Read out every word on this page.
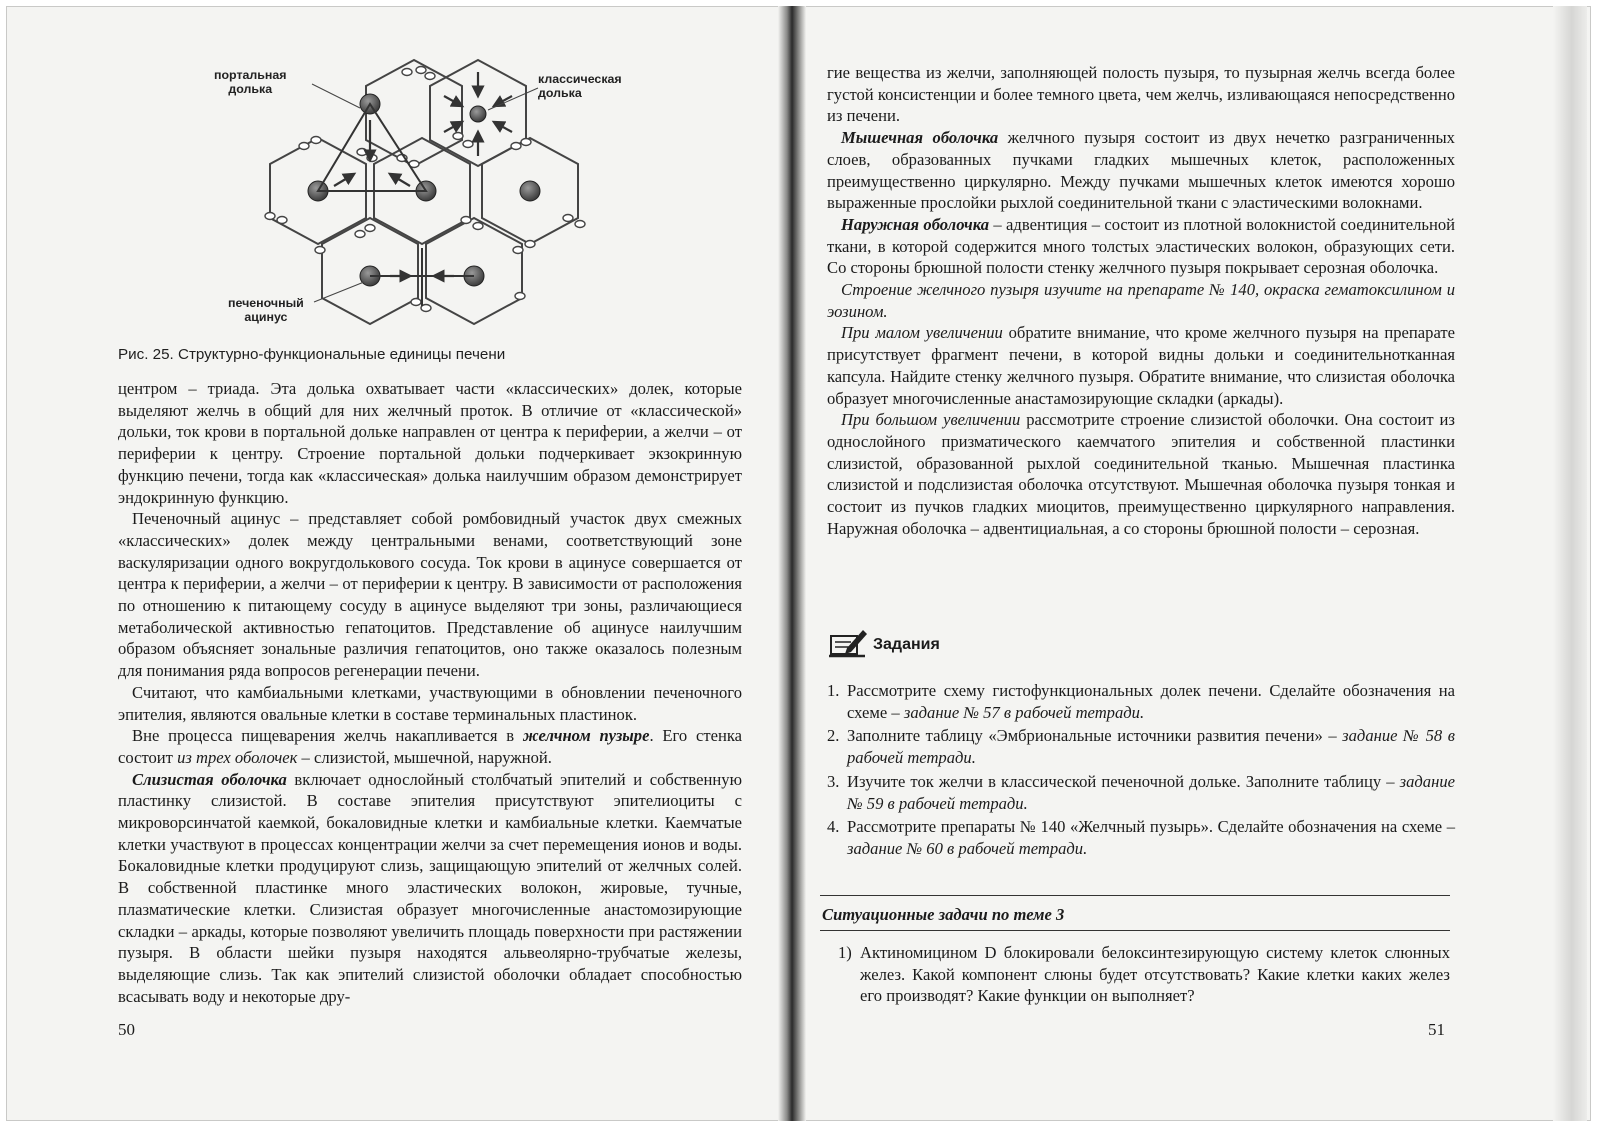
портальная
долька
классическая
долька
печеночный
ацинус
Рис. 25. Структурно-функциональные единицы печени

центром – триада. Эта долька охватывает части «классических» долек, которые выделяют желчь в общий для них желчный проток. В отличие от «классической» дольки, ток крови в портальной дольке направлен от центра к периферии, а желчи – от периферии к центру. Строение портальной дольки подчеркивает экзокринную функцию печени, тогда как «классическая» долька наилучшим образом демонстрирует эндокринную функцию.

Печеночный ацинус – представляет собой ромбовидный участок двух смежных «классических» долек между центральными венами, соответствующий зоне васкуляризации одного вокругдолькового сосуда. Ток крови в ацинусе совершается от центра к периферии, а желчи – от периферии к центру. В зависимости от расположения по отношению к питающему сосуду в ацинусе выделяют три зоны, различающиеся метаболической активностью гепатоцитов. Представление об ацинусе наилучшим образом объясняет зональные различия гепатоцитов, оно также оказалось полезным для понимания ряда вопросов регенерации печени.

Считают, что камбиальными клетками, участвующими в обновлении печеночного эпителия, являются овальные клетки в составе терминальных пластинок.

Вне процесса пищеварения желчь накапливается в желчном пузыре. Его стенка состоит из трех оболочек – слизистой, мышечной, наружной.

Слизистая оболочка включает однослойный столбчатый эпителий и собственную пластинку слизистой. В составе эпителия присутствуют эпителиоциты с микроворсинчатой каемкой, бокаловидные клетки и камбиальные клетки. Каемчатые клетки участвуют в процессах концентрации желчи за счет перемещения ионов и воды. Бокаловидные клетки продуцируют слизь, защищающую эпителий от желчных солей. В собственной пластинке много эластических волокон, жировые, тучные, плазматические клетки. Слизистая образует многочисленные анастомозирующие складки – аркады, которые позволяют увеличить площадь поверхности при растяжении пузыря. В области шейки пузыря находятся альвеолярно-трубчатые железы, выделяющие слизь. Так как эпителий слизистой оболочки обладает способностью всасывать воду и некоторые дру-

50

гие вещества из желчи, заполняющей полость пузыря, то пузырная желчь всегда более густой консистенции и более темного цвета, чем желчь, изливающаяся непосредственно из печени.

Мышечная оболочка желчного пузыря состоит из двух нечетко разграниченных слоев, образованных пучками гладких мышечных клеток, расположенных преимущественно циркулярно. Между пучками мышечных клеток имеются хорошо выраженные прослойки рыхлой соединительной ткани с эластическими волокнами.

Наружная оболочка – адвентиция – состоит из плотной волокнистой соединительной ткани, в которой содержится много толстых эластических волокон, образующих сети. Со стороны брюшной полости стенку желчного пузыря покрывает серозная оболочка.

Строение желчного пузыря изучите на препарате № 140, окраска гематоксилином и эозином.

При малом увеличении обратите внимание, что кроме желчного пузыря на препарате присутствует фрагмент печени, в которой видны дольки и соединительнотканная капсула. Найдите стенку желчного пузыря. Обратите внимание, что слизистая оболочка образует многочисленные анастамозирующие складки (аркады).

При большом увеличении рассмотрите строение слизистой оболочки. Она состоит из однослойного призматического каемчатого эпителия и собственной пластинки слизистой, образованной рыхлой соединительной тканью. Мышечная пластинка слизистой и подслизистая оболочка отсутствуют. Мышечная оболочка пузыря тонкая и состоит из пучков гладких миоцитов, преимущественно циркулярного направления. Наружная оболочка – адвентициальная, а со стороны брюшной полости – серозная.

Задания
1. Рассмотрите схему гистофункциональных долек печени. Сделайте обозначения на схеме – задание № 57 в рабочей тетради.
2. Заполните таблицу «Эмбриональные источники развития печени» – задание № 58 в рабочей тетради.
3. Изучите ток желчи в классической печеночной дольке. Заполните таблицу – задание № 59 в рабочей тетради.
4. Рассмотрите препараты № 140 «Желчный пузырь». Сделайте обозначения на схеме – задание № 60 в рабочей тетради.
Ситуационные задачи по теме 3
1) Актиномицином D блокировали белоксинтезирующую систему клеток слюнных желез. Какой компонент слюны будет отсутствовать? Какие клетки каких желез его производят? Какие функции он выполняет?
51
